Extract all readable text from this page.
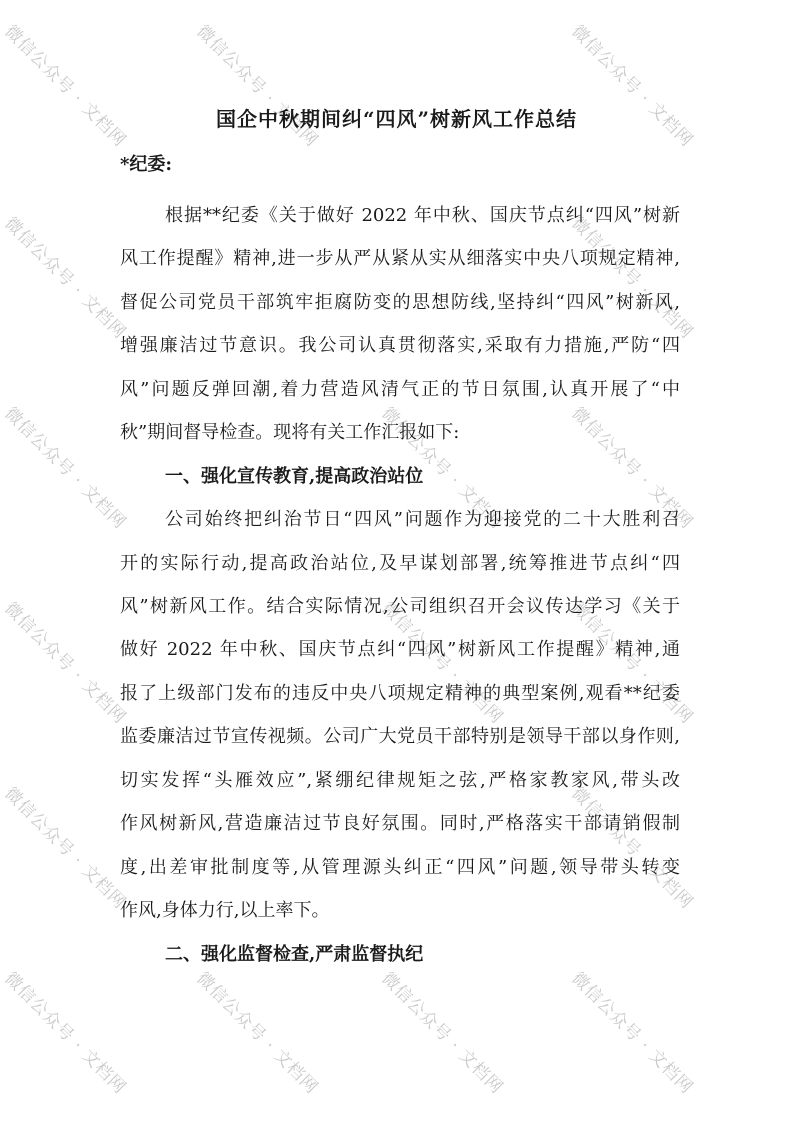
微信公众号 · 文档网	微信公众号 · 文档网	微信公众号 · 文档网
微信公众号 · 文档网	微信公众号 · 文档网
微信公众号 · 文档网	微信公众号 · 文档网	微信公众号 · 文档网
微信公众号 · 文档网	微信公众号 · 文档网	微信公众号 · 文档网
微信公众号 · 文档网	微信公众号 · 文档网
微信公众号 · 文档网	微信公众号 · 文档网	微信公众号 · 文档网	微信公众号 · 文档网
国企中秋期间纠“四风”树新风工作总结
*纪委:
根据**纪委《关于做好 2022 年中秋、国庆节点纠“四风”树新
风工作提醒》精神,进一步从严从紧从实从细落实中央八项规定精神,
督促公司党员干部筑牢拒腐防变的思想防线,坚持纠“四风”树新风,
增强廉洁过节意识。我公司认真贯彻落实,采取有力措施,严防“四
风”问题反弹回潮,着力营造风清气正的节日氛围,认真开展了“中
秋”期间督导检查。现将有关工作汇报如下:
一、强化宣传教育,提高政治站位
公司始终把纠治节日“四风”问题作为迎接党的二十大胜利召
开的实际行动,提高政治站位,及早谋划部署,统筹推进节点纠“四
风”树新风工作。结合实际情况,公司组织召开会议传达学习《关于
做好 2022 年中秋、国庆节点纠“四风”树新风工作提醒》精神,通
报了上级部门发布的违反中央八项规定精神的典型案例,观看**纪委
监委廉洁过节宣传视频。公司广大党员干部特别是领导干部以身作则,
切实发挥“头雁效应”,紧绷纪律规矩之弦,严格家教家风,带头改
作风树新风,营造廉洁过节良好氛围。同时,严格落实干部请销假制
度,出差审批制度等,从管理源头纠正“四风”问题,领导带头转变
作风,身体力行,以上率下。
二、强化监督检查,严肃监督执纪
